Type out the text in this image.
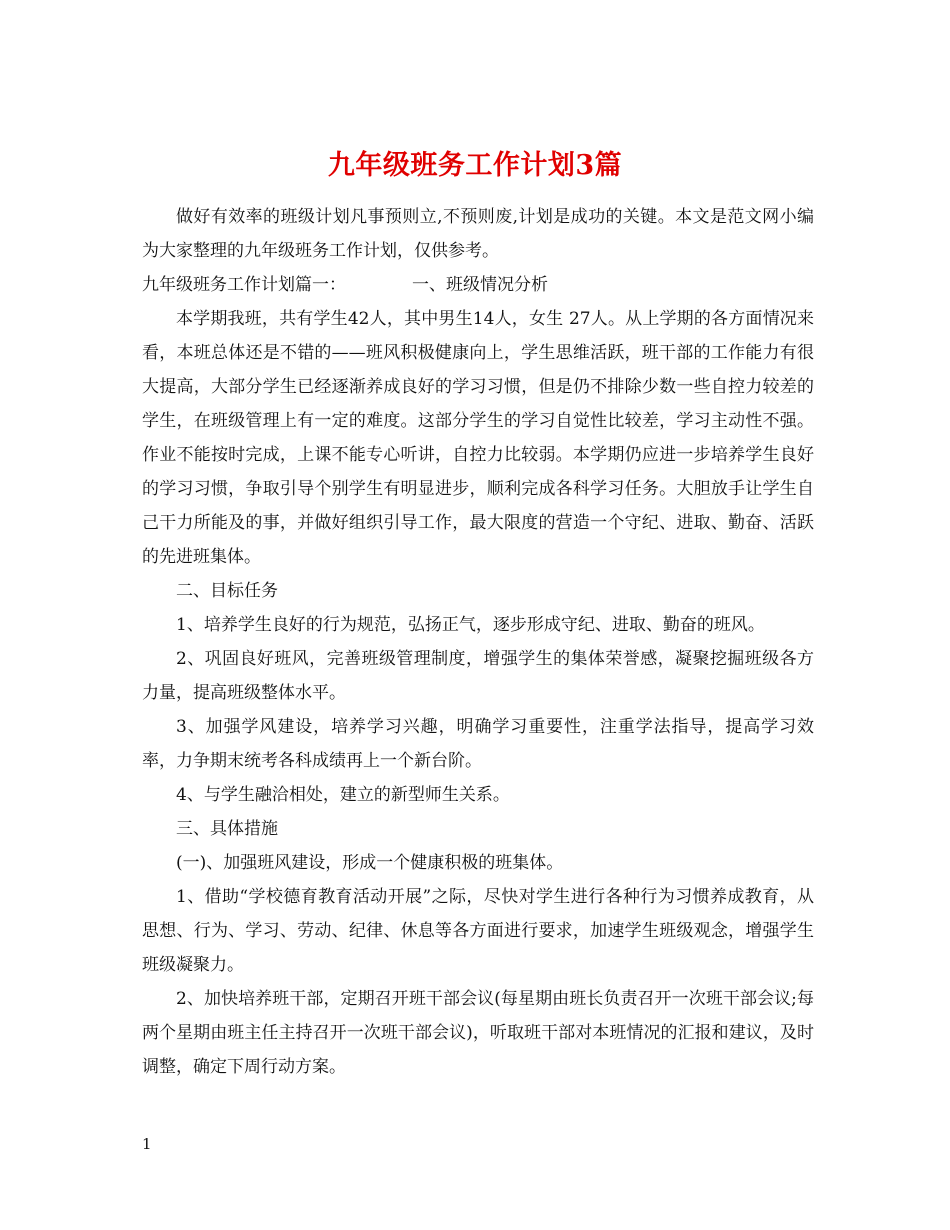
九年级班务工作计划3篇

做好有效率的班级计划凡事预则立,不预则废,计划是成功的关键。本文是范文网小编为大家整理的九年级班务工作计划，仅供参考。

九年级班务工作计划篇一：	一、班级情况分析

本学期我班，共有学生42人，其中男生14人，女生 27人。从上学期的各方面情况来看，本班总体还是不错的——班风积极健康向上，学生思维活跃，班干部的工作能力有很大提高，大部分学生已经逐渐养成良好的学习习惯，但是仍不排除少数一些自控力较差的学生，在班级管理上有一定的难度。这部分学生的学习自觉性比较差，学习主动性不强。作业不能按时完成，上课不能专心听讲，自控力比较弱。本学期仍应进一步培养学生良好的学习习惯，争取引导个别学生有明显进步，顺利完成各科学习任务。大胆放手让学生自己干力所能及的事，并做好组织引导工作，最大限度的营造一个守纪、进取、勤奋、活跃的先进班集体。

二、目标任务

1、培养学生良好的行为规范，弘扬正气，逐步形成守纪、进取、勤奋的班风。

2、巩固良好班风，完善班级管理制度，增强学生的集体荣誉感，凝聚挖掘班级各方力量，提高班级整体水平。

3、加强学风建设，培养学习兴趣，明确学习重要性，注重学法指导，提高学习效率，力争期末统考各科成绩再上一个新台阶。

4、与学生融洽相处，建立的新型师生关系。

三、具体措施

(一)、加强班风建设，形成一个健康积极的班集体。

1、借助“学校德育教育活动开展”之际，尽快对学生进行各种行为习惯养成教育，从思想、行为、学习、劳动、纪律、休息等各方面进行要求，加速学生班级观念，增强学生班级凝聚力。

2、加快培养班干部，定期召开班干部会议(每星期由班长负责召开一次班干部会议;每两个星期由班主任主持召开一次班干部会议)，听取班干部对本班情况的汇报和建议，及时调整，确定下周行动方案。

1
